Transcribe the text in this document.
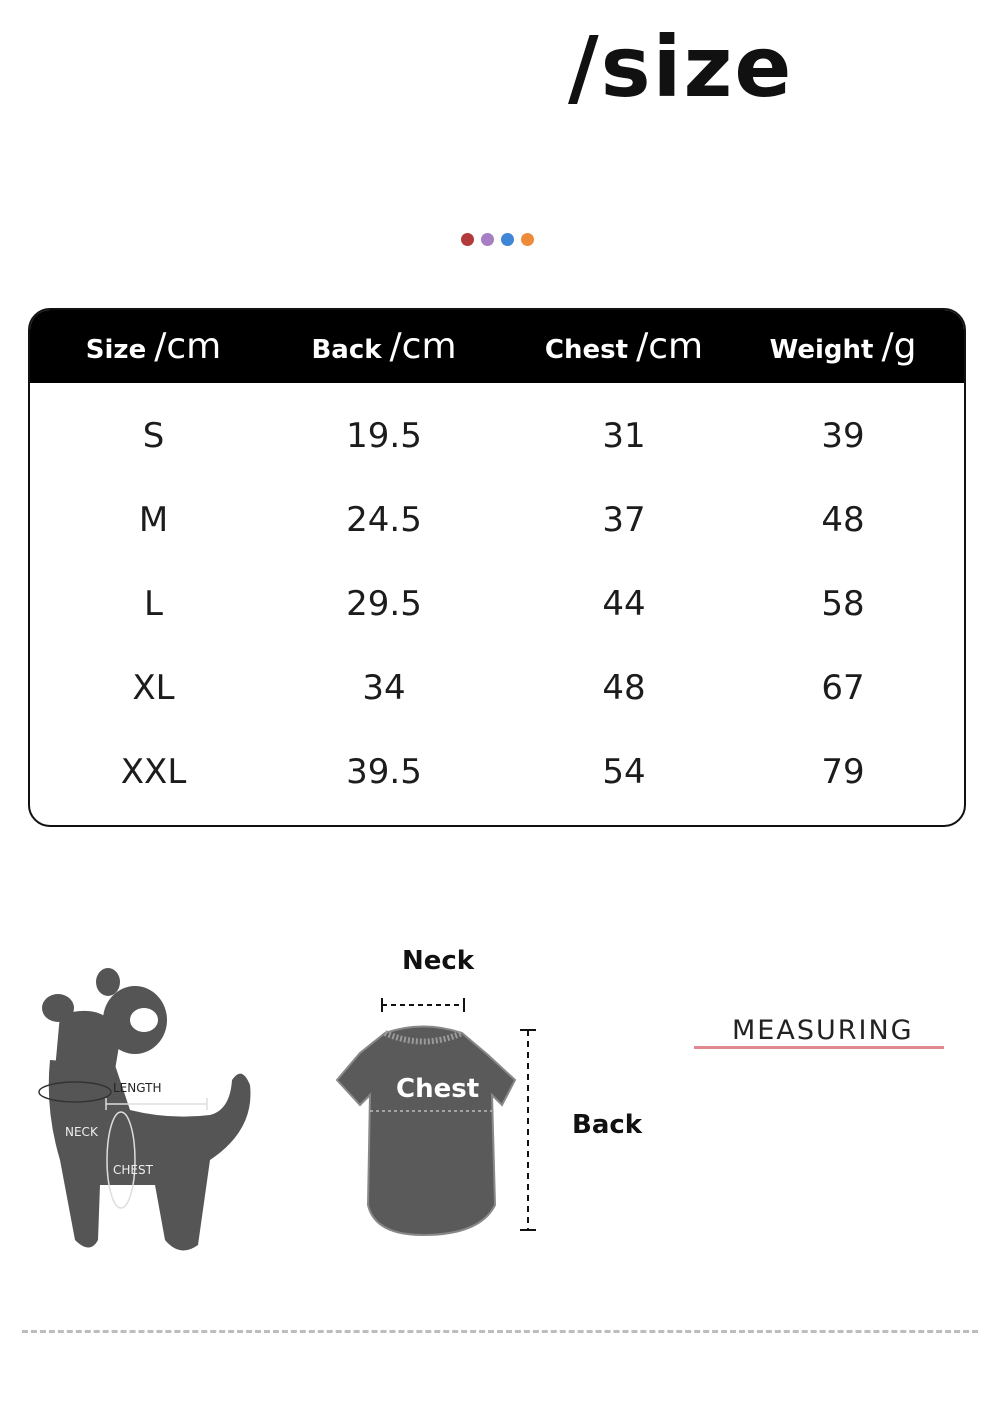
/size
Size /cm	Back /cm	Chest /cm	Weight /g
S	19.5	31	39
M	24.5	37	48
L	29.5	44	58
XL	34	48	67
XXL	39.5	54	79
LENGTH
NECK
CHEST
Neck
Chest
Back
MEASURING
